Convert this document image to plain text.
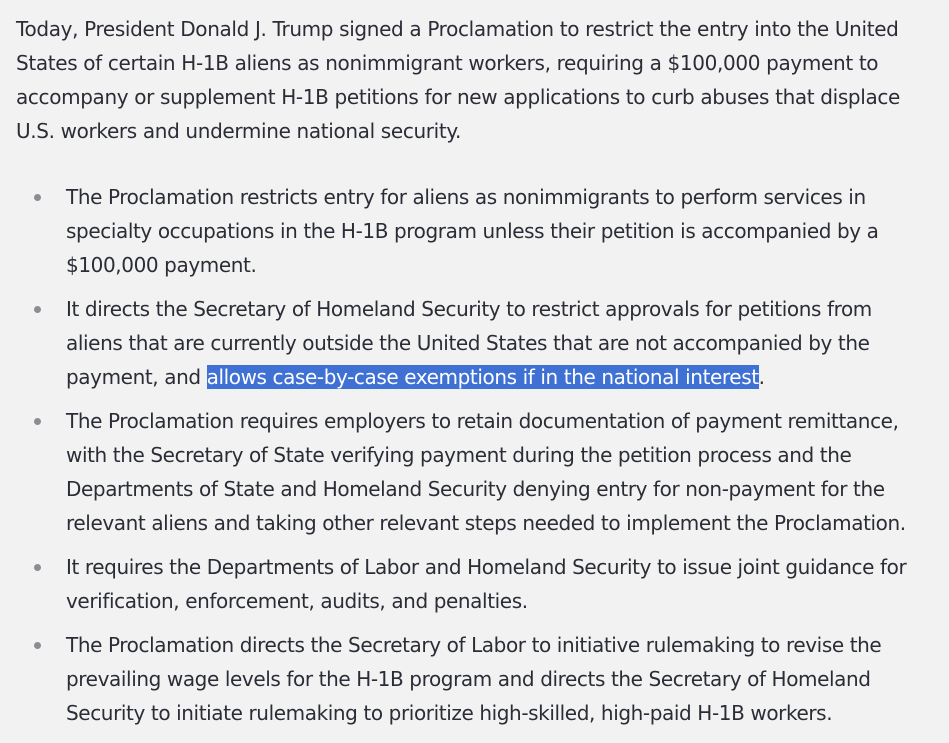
Today, President Donald J. Trump signed a Proclamation to restrict the entry into the United States of certain H-1B aliens as nonimmigrant workers, requiring a $100,000 payment to accompany or supplement H-1B petitions for new applications to curb abuses that displace U.S. workers and undermine national security.

The Proclamation restricts entry for aliens as nonimmigrants to perform services in specialty occupations in the H-1B program unless their petition is accompanied by a $100,000 payment.
It directs the Secretary of Homeland Security to restrict approvals for petitions from aliens that are currently outside the United States that are not accompanied by the payment, and allows case-by-case exemptions if in the national interest.
The Proclamation requires employers to retain documentation of payment remittance, with the Secretary of State verifying payment during the petition process and the Departments of State and Homeland Security denying entry for non-payment for the relevant aliens and taking other relevant steps needed to implement the Proclamation.
It requires the Departments of Labor and Homeland Security to issue joint guidance for verification, enforcement, audits, and penalties.
The Proclamation directs the Secretary of Labor to initiative rulemaking to revise the prevailing wage levels for the H-1B program and directs the Secretary of Homeland Security to initiate rulemaking to prioritize high-skilled, high-paid H-1B workers.
